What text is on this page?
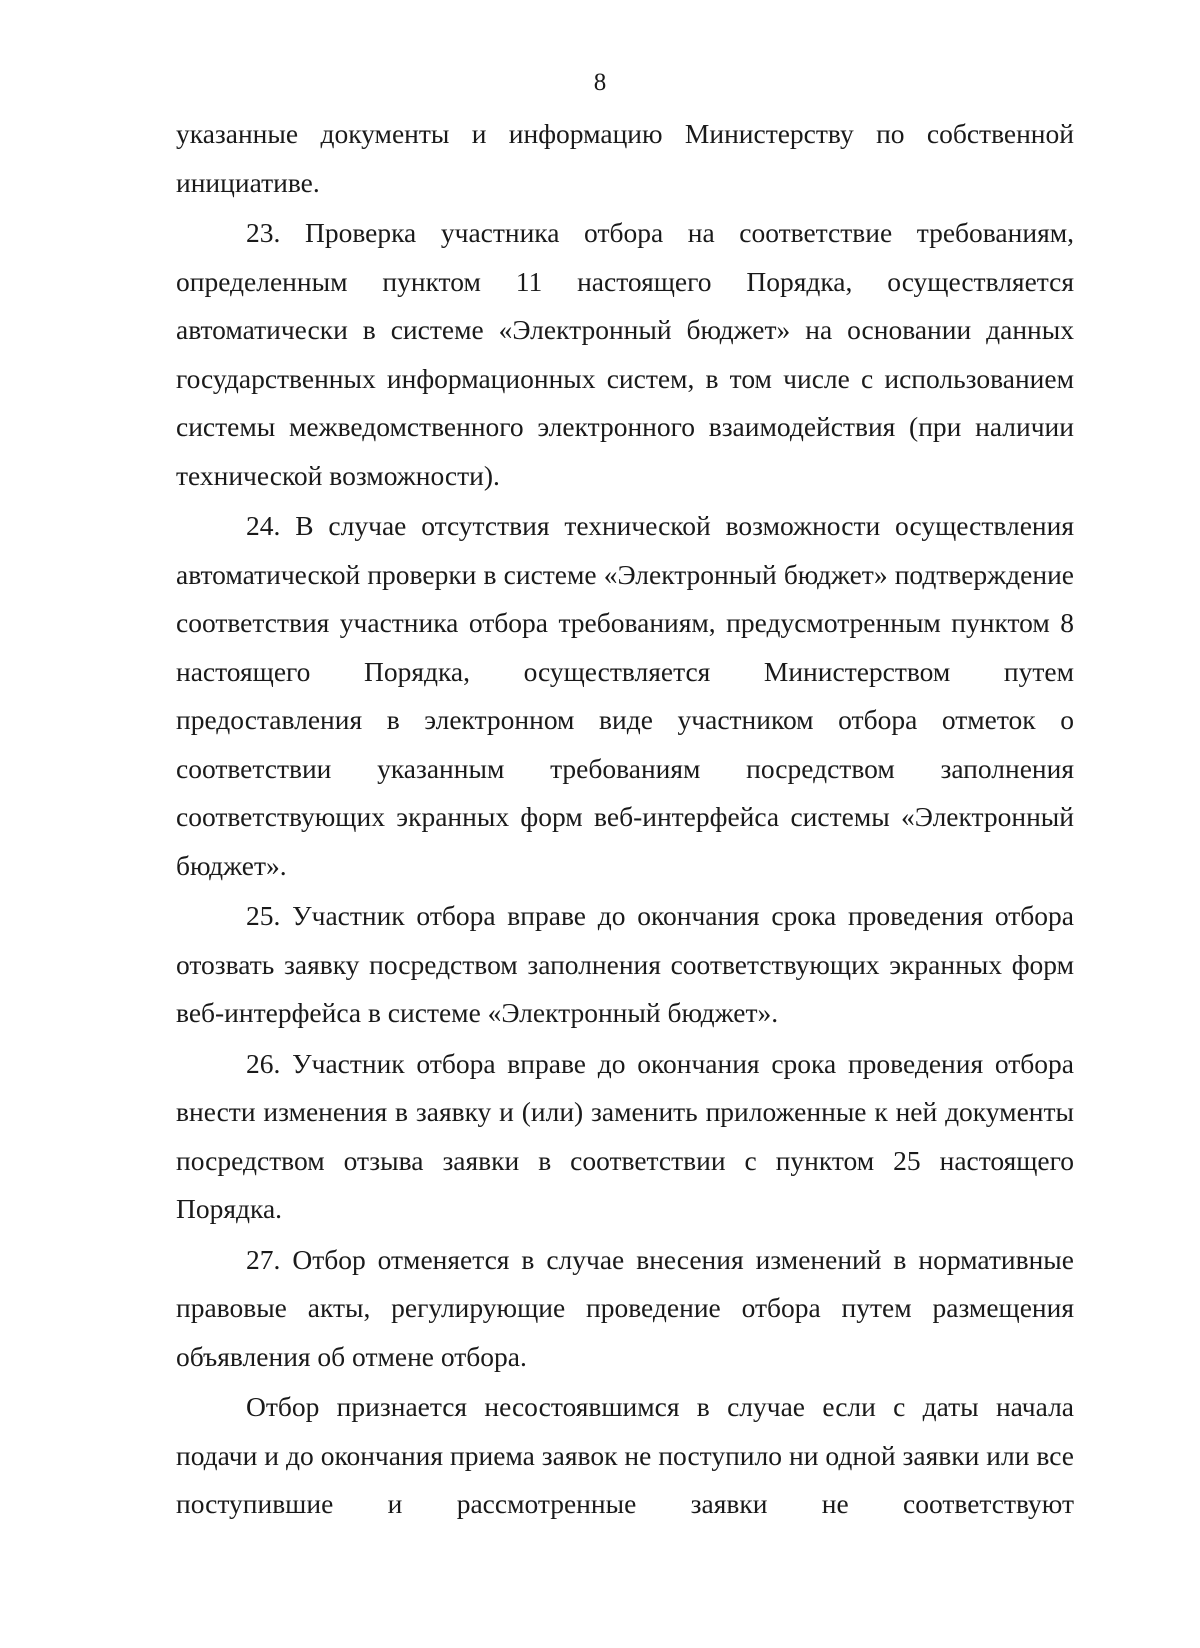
8

указанные документы и информацию Министерству по собственной инициативе.

23. Проверка участника отбора на соответствие требованиям, определенным пунктом 11 настоящего Порядка, осуществляется автоматически в системе «Электронный бюджет» на основании данных государственных информационных систем, в том числе с использованием системы межведомственного электронного взаимодействия (при наличии технической возможности).

24. В случае отсутствия технической возможности осуществления автоматической проверки в системе «Электронный бюджет» подтверждение соответствия участника отбора требованиям, предусмотренным пунктом 8 настоящего Порядка, осуществляется Министерством путем предоставления в электронном виде участником отбора отметок о соответствии указанным требованиям посредством заполнения соответствующих экранных форм веб-интерфейса системы «Электронный бюджет».

25. Участник отбора вправе до окончания срока проведения отбора отозвать заявку посредством заполнения соответствующих экранных форм веб-интерфейса в системе «Электронный бюджет».

26. Участник отбора вправе до окончания срока проведения отбора внести изменения в заявку и (или) заменить приложенные к ней документы посредством отзыва заявки в соответствии с пунктом 25 настоящего Порядка.

27. Отбор отменяется в случае внесения изменений в нормативные правовые акты, регулирующие проведение отбора путем размещения объявления об отмене отбора.

Отбор признается несостоявшимся в случае если с даты начала подачи и до окончания приема заявок не поступило ни одной заявки или все поступившие и рассмотренные заявки не соответствуют
